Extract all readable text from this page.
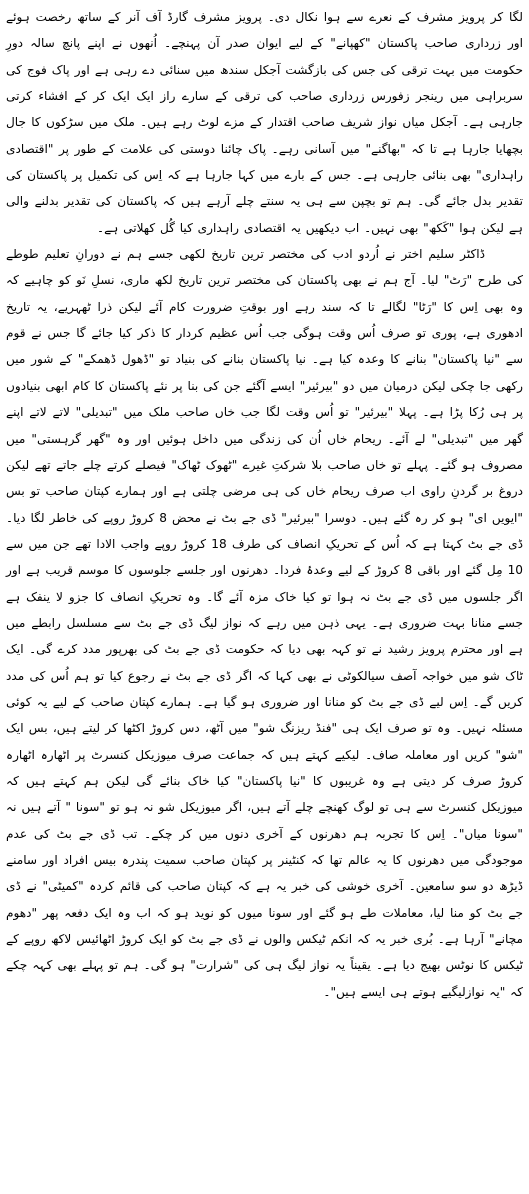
لگا کر پرویز مشرف کے نعرے سے ہوا نکال دی۔ پرویز مشرف گارڈ آف آنر کے ساتھ رخصت ہوئے اور زرداری صاحب پاکستان "کھپانے" کے لیے ایوان صدر آن پہنچے۔ اُنھوں نے اپنے پانچ سالہ دورِ حکومت میں بہت ترقی کی جس کی بازگشت آجکل سندھ میں سنائی دے رہی ہے اور پاک فوج کی سربراہی میں رینجر زفورس زرداری صاحب کی ترقی کے سارے راز ایک ایک کر کے افشاء کرتی جارہی ہے۔ آجکل میاں نواز شریف صاحب اقتدار کے مزے لوٹ رہے ہیں۔ ملک میں سڑکوں کا جال بچھایا جارہا ہے تا کہ "بھاگنے" میں آسانی رہے۔ پاک چائنا دوستی کی علامت کے طور پر "اقتصادی راہداری" بھی بنائی جارہی ہے۔ جس کے بارے میں کہا جارہا ہے کہ اِس کی تکمیل پر پاکستان کی تقدیر بدل جائے گی۔ ہم تو بچپن سے ہی یہ سنتے چلے آرہے ہیں کہ پاکستان کی تقدیر بدلنے والی ہے لیکن ہوا "کَکھ" بھی نہیں۔ اب دیکھیں یہ اقتصادی راہداری کیا گُل کھلاتی ہے۔

ڈاکٹر سلیم اختر نے اُردو ادب کی مختصر ترین تاریخ لکھی جسے ہم نے دورانِ تعلیم طوطے کی طرح "رَٹ" لیا۔ آج ہم نے بھی پاکستان کی مختصر ترین تاریخ لکھ ماری، نسلِ نَو کو چاہیے کہ وہ بھی اِس کا "رَٹا" لگالے تا کہ سند رہے اور بوقتِ ضرورت کام آئے لیکن ذرا ٹھہریے، یہ تاریخ ادھوری ہے، پوری تو صرف اُس وقت ہوگی جب اُس عظیم کردار کا ذکر کیا جائے گا جس نے قوم سے "نیا پاکستان" بنانے کا وعدہ کیا ہے۔ نیا پاکستان بنانے کی بنیاد تو "ڈھول ڈھمکے" کے شور میں رکھی جا چکی لیکن درمیان میں دو "بیرئیر" ایسے آگئے جن کی بنا پر نئے پاکستان کا کام ابھی بنیادوں پر ہی رُکا پڑا ہے۔ پہلا "بیرئیر" تو اُس وقت لگا جب خاں صاحب ملک میں "تبدیلی" لاتے لاتے اپنے گھر میں "تبدیلی" لے آئے۔ ریحام خاں اُن کی زندگی میں داخل ہوئیں اور وہ "گھر گرہستی" میں مصروف ہو گئے۔ پہلے تو خاں صاحب بلا شرکتِ غیرے "ٹھوک ٹھاک" فیصلے کرتے چلے جاتے تھے لیکن دروغ بر گردنِ راوی اب صرف ریحام خاں کی ہی مرضی چلتی ہے اور ہمارے کپتان صاحب تو بس "ایویں ای" ہو کر رہ گئے ہیں۔ دوسرا "بیرئیر" ڈی جے بٹ نے محض 8 کروڑ روپے کی خاطر لگا دیا۔ ڈی جے بٹ کہتا ہے کہ اُس کے تحریکِ انصاف کی طرف 18 کروڑ روپے واجب الادا تھے جن میں سے 10 مِل گئے اور باقی 8 کروڑ کے لیے وعدۂ فردا۔ دھرنوں اور جلسے جلوسوں کا موسم قریب ہے اور اگر جلسوں میں ڈی جے بٹ نہ ہوا تو کیا خاک مزہ آئے گا۔ وہ تحریکِ انصاف کا جزو لا ینفک ہے جسے منانا بہت ضروری ہے۔ یہی ذہن میں رہے کہ نواز لیگ ڈی جے بٹ سے مسلسل رابطے میں ہے اور محترم پرویز رشید نے تو کہہ بھی دیا کہ حکومت ڈی جے بٹ کی بھرپور مدد کرے گی۔ ایک ٹاک شو میں خواجہ آصف سیالکوٹی نے بھی کہا کہ اگر ڈی جے بٹ نے رجوع کیا تو ہم اُس کی مدد کریں گے۔ اِس لیے ڈی جے بٹ کو منانا اور ضروری ہو گیا ہے۔ ہمارے کپتان صاحب کے لیے یہ کوئی مسئلہ نہیں۔ وہ تو صرف ایک ہی "فنڈ ریزنگ شو" میں آٹھ، دس کروڑ اکٹھا کر لیتے ہیں، بس ایک "شو" کریں اور معاملہ صاف۔ لیکیے کہتے ہیں کہ جماعت صرف میوزیکل کنسرٹ پر اٹھارہ اٹھارہ کروڑ صرف کر دیتی ہے وہ غریبوں کا "نیا پاکستان" کیا خاک بنائے گی لیکن ہم کہتے ہیں کہ میوزیکل کنسرٹ سے ہی تو لوگ کھنچے چلے آتے ہیں، اگر میوزیکل شو نہ ہو تو "سونا " آتے ہیں نہ "سونا میاں"۔ اِس کا تجربہ ہم دھرنوں کے آخری دنوں میں کر چکے۔ تب ڈی جے بٹ کی عدم موجودگی میں دھرنوں کا یہ عالم تھا کہ کنٹینر پر کپتان صاحب سمیت پندرہ بیس افراد اور سامنے ڈیڑھ دو سو سامعین۔ آخری خوشی کی خبر یہ ہے کہ کپتان صاحب کی قائم کردہ "کمیٹی" نے ڈی جے بٹ کو منا لیا، معاملات طے ہو گئے اور سونا میوں کو نوید ہو کہ اب وہ ایک دفعہ پھر "دھوم مچانے" آرہا ہے۔ بُری خبر یہ کہ انکم ٹیکس والوں نے ڈی جے بٹ کو ایک کروڑ اٹھائیس لاکھ روپے کے ٹیکس کا نوٹس بھیج دیا ہے۔ یقیناً یہ نواز لیگ ہی کی "شرارت" ہو گی۔ ہم تو پہلے بھی کہہ چکے کہ "یہ نوازلیگیے ہوتے ہی ایسے ہیں"۔
